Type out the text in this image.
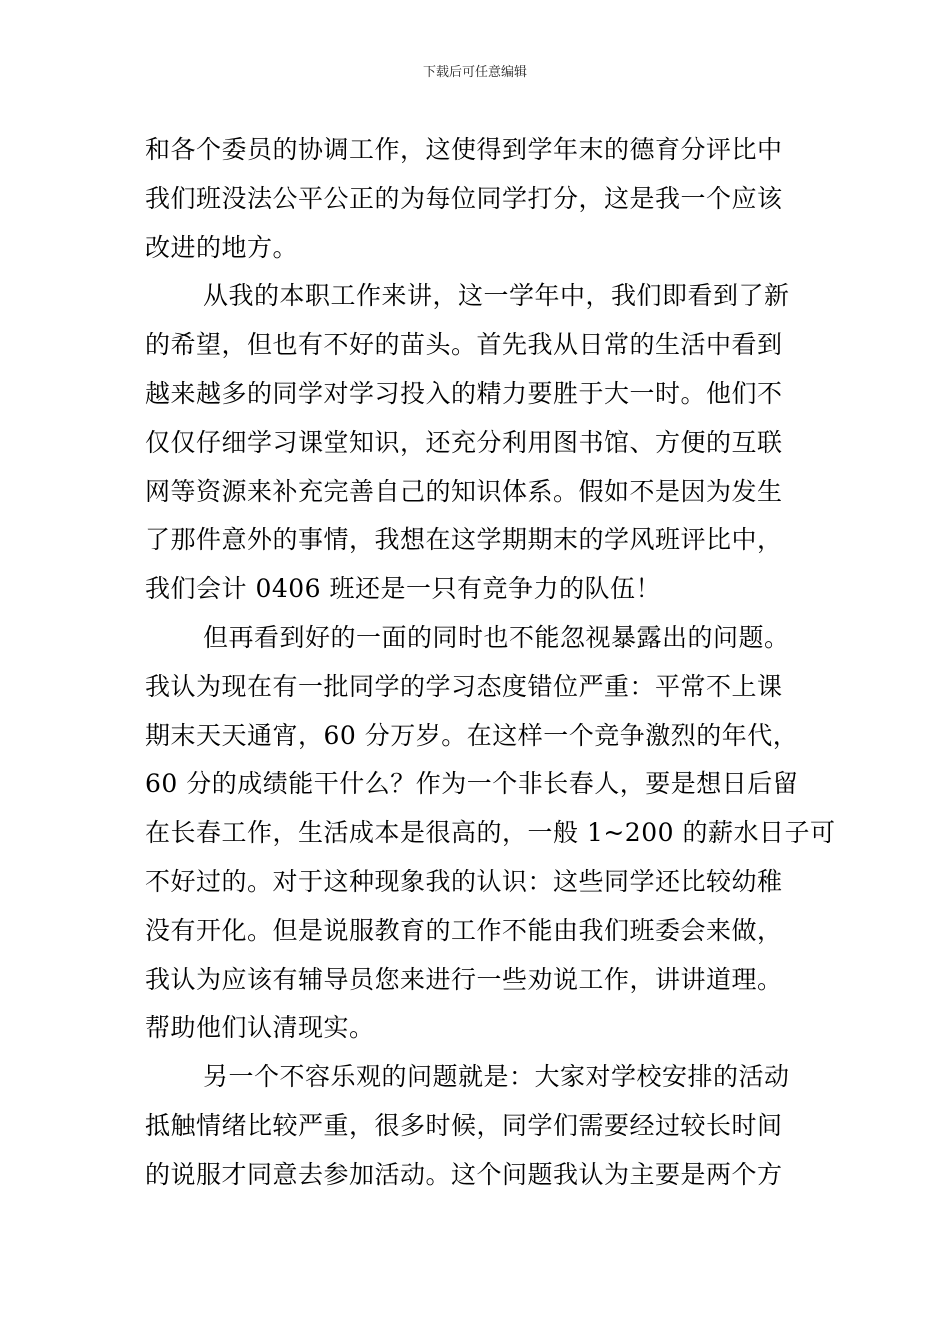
下载后可任意编辑
和各个委员的协调工作，这使得到学年末的德育分评比中
我们班没法公平公正的为每位同学打分，这是我一个应该
改进的地方。
从我的本职工作来讲，这一学年中，我们即看到了新
的希望，但也有不好的苗头。首先我从日常的生活中看到
越来越多的同学对学习投入的精力要胜于大一时。他们不
仅仅仔细学习课堂知识，还充分利用图书馆、方便的互联
网等资源来补充完善自己的知识体系。假如不是因为发生
了那件意外的事情，我想在这学期期末的学风班评比中，
我们会计 0406 班还是一只有竞争力的队伍！
但再看到好的一面的同时也不能忽视暴露出的问题。
我认为现在有一批同学的学习态度错位严重：平常不上课
期末天天通宵，60 分万岁。在这样一个竞争激烈的年代，
60 分的成绩能干什么？作为一个非长春人，要是想日后留
在长春工作，生活成本是很高的，一般 1~200 的薪水日子可
不好过的。对于这种现象我的认识：这些同学还比较幼稚
没有开化。但是说服教育的工作不能由我们班委会来做，
我认为应该有辅导员您来进行一些劝说工作，讲讲道理。
帮助他们认清现实。
另一个不容乐观的问题就是：大家对学校安排的活动
抵触情绪比较严重，很多时候，同学们需要经过较长时间
的说服才同意去参加活动。这个问题我认为主要是两个方
